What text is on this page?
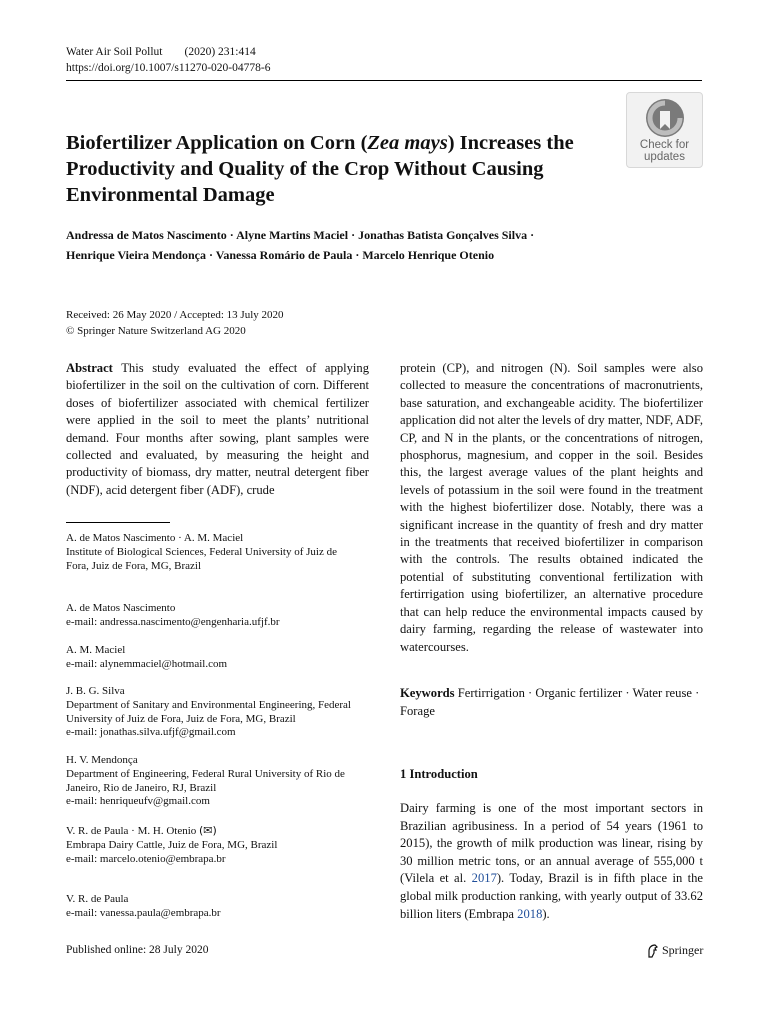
Water Air Soil Pollut (2020) 231:414
https://doi.org/10.1007/s11270-020-04778-6
Check for
updates
Biofertilizer Application on Corn (Zea mays) Increases the Productivity and Quality of the Crop Without Causing Environmental Damage
Andressa de Matos Nascimento · Alyne Martins Maciel · Jonathas Batista Gonçalves Silva ·
Henrique Vieira Mendonça · Vanessa Romário de Paula · Marcelo Henrique Otenio
Received: 26 May 2020 / Accepted: 13 July 2020
© Springer Nature Switzerland AG 2020

Abstract This study evaluated the effect of applying biofertilizer in the soil on the cultivation of corn. Different doses of biofertilizer associated with chemical fertilizer were applied in the soil to meet the plants’ nutritional demand. Four months after sowing, plant samples were collected and evaluated, by measuring the height and productivity of biomass, dry matter, neutral detergent fiber (NDF), acid detergent fiber (ADF), crude

protein (CP), and nitrogen (N). Soil samples were also collected to measure the concentrations of macronutrients, base saturation, and exchangeable acidity. The biofertilizer application did not alter the levels of dry matter, NDF, ADF, CP, and N in the plants, or the concentrations of nitrogen, phosphorus, magnesium, and copper in the soil. Besides this, the largest average values of the plant heights and levels of potassium in the soil were found in the treatment with the highest biofertilizer dose. Notably, there was a significant increase in the quantity of fresh and dry matter in the treatments that received biofertilizer in comparison with the controls. The results obtained indicated the potential of substituting conventional fertilization with fertirrigation using biofertilizer, an alternative procedure that can help reduce the environmental impacts caused by dairy farming, regarding the release of wastewater into watercourses.

A. de Matos Nascimento · A. M. Maciel
Institute of Biological Sciences, Federal University of Juiz de
Fora, Juiz de Fora, MG, Brazil
A. de Matos Nascimento
e-mail: andressa.nascimento@engenharia.ufjf.br
A. M. Maciel
e-mail: alynemmaciel@hotmail.com
J. B. G. Silva
Department of Sanitary and Environmental Engineering, Federal
University of Juiz de Fora, Juiz de Fora, MG, Brazil
e-mail: jonathas.silva.ufjf@gmail.com
H. V. Mendonça
Department of Engineering, Federal Rural University of Rio de
Janeiro, Rio de Janeiro, RJ, Brazil
e-mail: henriqueufv@gmail.com
V. R. de Paula · M. H. Otenio (✉)
Embrapa Dairy Cattle, Juiz de Fora, MG, Brazil
e-mail: marcelo.otenio@embrapa.br
V. R. de Paula
e-mail: vanessa.paula@embrapa.br
Keywords Fertirrigation · Organic fertilizer · Water reuse · Forage
1 Introduction

Dairy farming is one of the most important sectors in Brazilian agribusiness. In a period of 54 years (1961 to 2015), the growth of milk production was linear, rising by 30 million metric tons, or an annual average of 555,000 t (Vilela et al. 2017). Today, Brazil is in fifth place in the global milk production ranking, with yearly output of 33.62 billion liters (Embrapa 2018).

Published online: 28 July 2020	Springer
